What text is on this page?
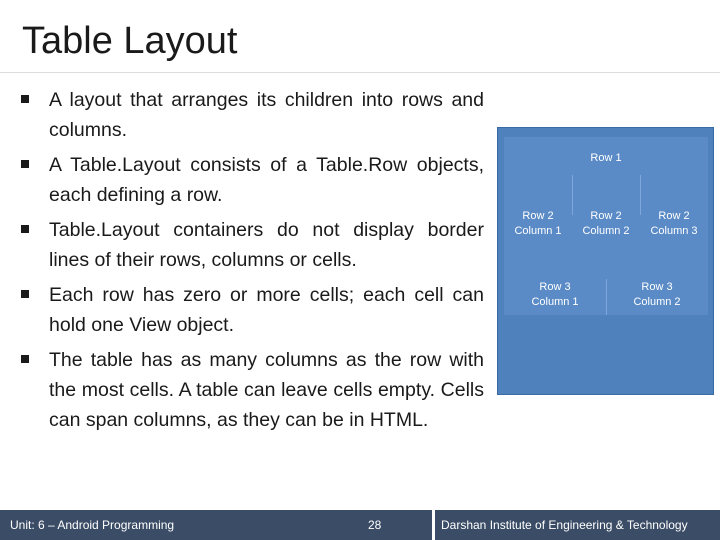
Table Layout
A layout that arranges its children into rows and columns.
A Table.Layout consists of a Table.Row objects, each defining a row.
Table.Layout containers do not display border lines of their rows, columns or cells.
Each row has zero or more cells; each cell can hold one View object.
The table has as many columns as the row with the most cells. A table can leave cells empty. Cells can span columns, as they can be in HTML.
Row 1
Row 2
Column 1
Row 2
Column 2
Row 2
Column 3
Row 3
Column 1
Row 3
Column 2
Unit: 6 – Android Programming	28	Darshan Institute of Engineering & Technology
